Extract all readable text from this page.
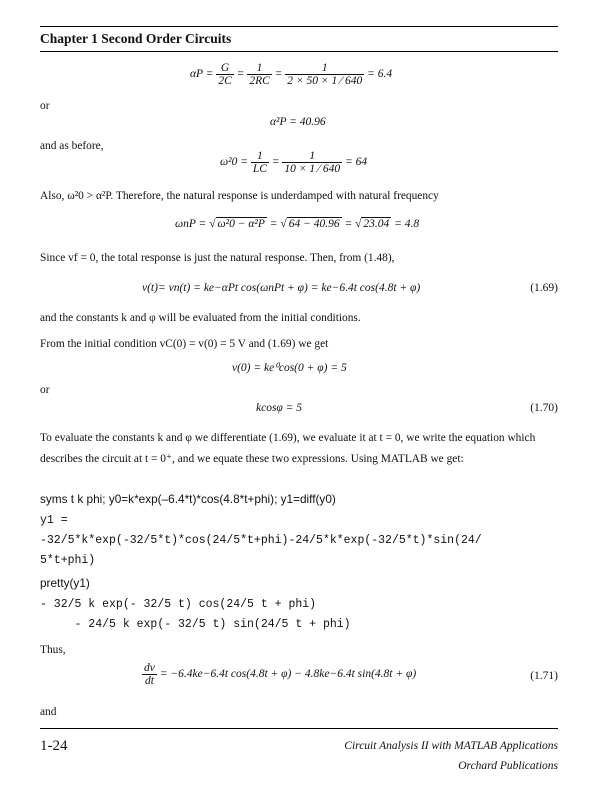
Chapter 1 Second Order Circuits
$\alpha P = \frac{G}{2C} = \frac{1}{2RC} = \frac{1}{2 \times 50 \times 1 ⁄ 640} = 6.4$
or
α²P = 40.96
and as before,
$\omega^20 = \frac{1}{LC} = \frac{1}{10 \times 1 ⁄ 640} = 64$
Also, ω²0 > α²P. Therefore, the natural response is underdamped with natural frequency
ωnP = √ ω²0 − α²P = √ 64 − 40.96 = √ 23.04 = 4.8
Since vf = 0, the total response is just the natural response. Then, from (1.48),
v(t)= vn(t) = ke−αPt cos(ωnPt + φ) = ke−6.4t cos(4.8t + φ)	(1.69)
and the constants k and φ will be evaluated from the initial conditions.
From the initial condition vC(0) = v(0) = 5 V and (1.69) we get
v(0) = ke⁰cos(0 + φ) = 5
or
kcosφ = 5	(1.70)
To evaluate the constants k and φ we differentiate (1.69), we evaluate it at t = 0, we write the equation which describes the circuit at t = 0⁺, and we equate these two expressions. Using MATLAB we get:
syms t k phi; y0=k*exp(–6.4*t)*cos(4.8*t+phi); y1=diff(y0)
y1 =
-32/5*k*exp(-32/5*t)*cos(24/5*t+phi)-24/5*k*exp(-32/5*t)*sin(24/
5*t+phi)
pretty(y1)
- 32/5 k exp(- 32/5 t) cos(24/5 t + phi)
- 24/5 k exp(- 32/5 t) sin(24/5 t + phi)
Thus,
$\frac{dv}{dt} = -6.4ke-6.4t$ cos(4.8t + φ) − 4.8ke−6.4t sin(4.8t + φ)	(1.71)
and
1-24	Circuit Analysis II with MATLAB Applications
Orchard Publications
